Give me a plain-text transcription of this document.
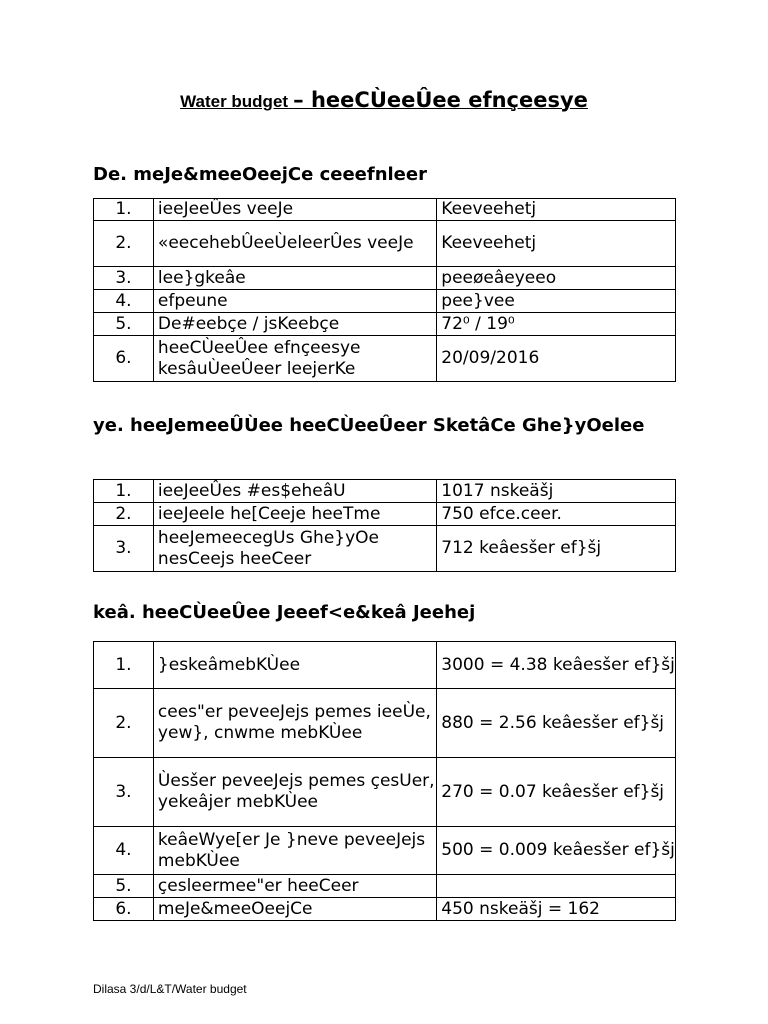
Water budget – heeCÙeeÛee efnçeesye
De. meJe&meeOeejCe ceeefnleer
1.	ieeJeeÛes veeJe	Keeveehetj
2.	«eecehebÛeeÙeleerÛes veeJe	Keeveehetj
3.	lee}gkeâe	peeøeâeyeeo
4.	efpeune	pee}vee
5.	De#eebçe / jsKeebçe	72⁰ / 19⁰
6.	heeCÙeeÛee efnçeesye kesâuÙeeÛeer leejerKe	20/09/2016
ye. heeJemeeÛÙee heeCÙeeÛeer SketâCe Ghe}yOelee
1.	ieeJeeÛes #es$eheâU	1017 nskeäšj
2.	ieeJeele he[Ceeje heeTme	750 efce.ceer.
3.	heeJemeecegUs Ghe}yOe nesCeejs heeCeer	712 keâesšer ef}šj
keâ. heeCÙeeÛee Jeeef<e&keâ Jeehej
1.	}eskeâmebKÙee	3000 = 4.38 keâesšer ef}šj
2.	cees"er peveeJejs pemes ieeÙe, yew}, cnwme mebKÙee	880 = 2.56 keâesšer ef}šj
3.	Ùesšer peveeJejs pemes çesUer, yekeâjer mebKÙee	270 = 0.07 keâesšer ef}šj
4.	keâeWye[er Je }neve peveeJejs mebKÙee	500 = 0.009 keâesšer ef}šj
5.	çesleermee"er heeCeer	
6.	meJe&meeOeejCe	450 nskeäšj = 162
Dilasa 3/d/L&T/Water budget
